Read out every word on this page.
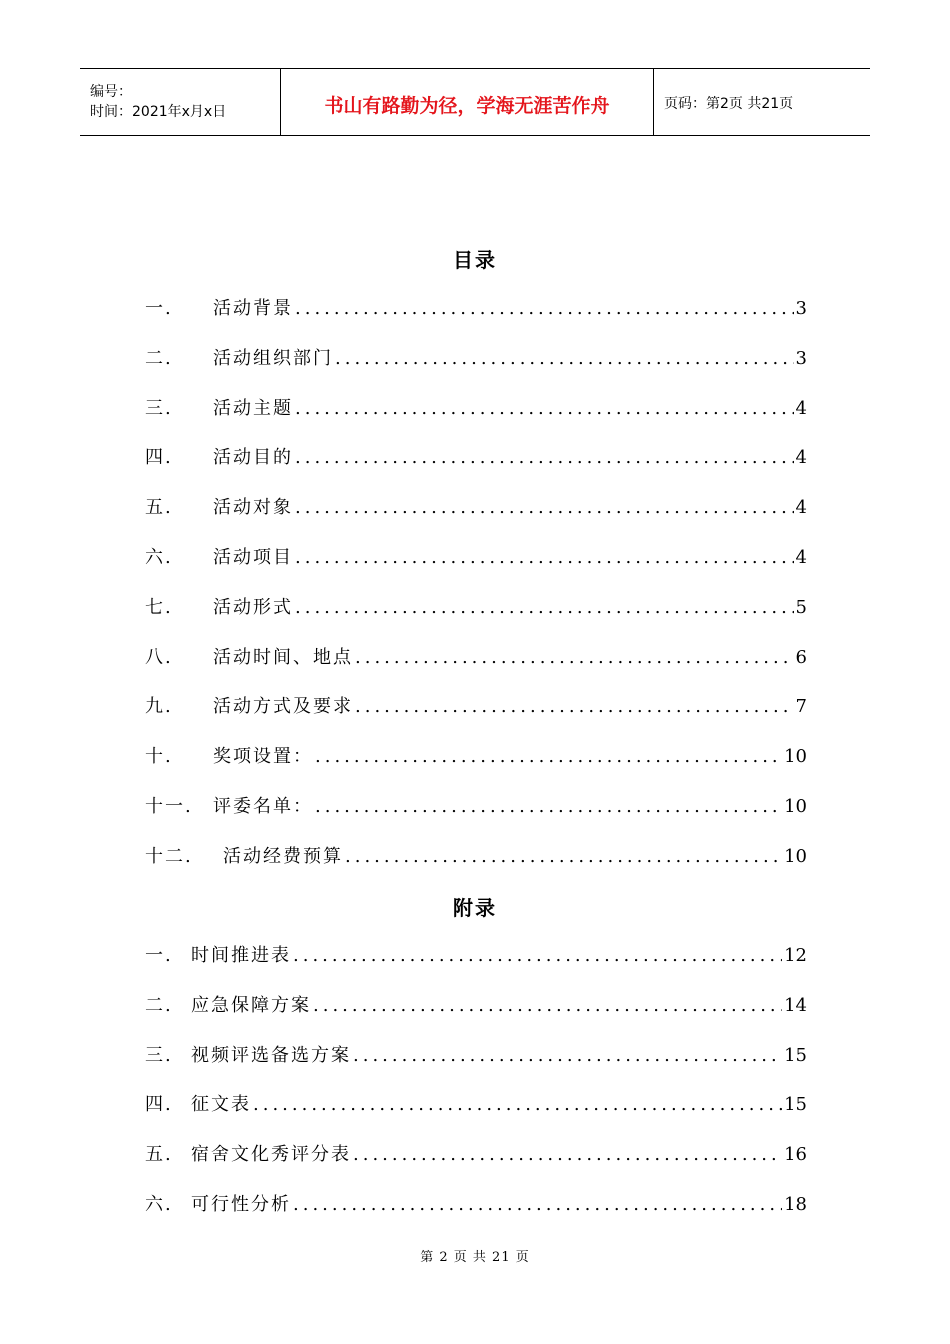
编号：
时间：2021年x月x日	书山有路勤为径，学海无涯苦作舟	页码：第2页 共21页
目录
一.	活动背景 .....	3
二.	活动组织部门 .....	3
三.	活动主题 .....	4
四.	活动目的 .....	4
五.	活动对象 .....	4
六.	活动项目 .....	4
七.	活动形式 .....	5
八.	活动时间、地点 .....	6
九.	活动方式及要求 .....	7
十.	奖项设置： .....	10
十一.	评委名单： .....	10
十二.	活动经费预算 .....	10
附录
一.	时间推进表 .....	12
二.	应急保障方案 .....	14
三.	视频评选备选方案 .....	15
四.	征文表 .....	15
五.	宿舍文化秀评分表 .....	16
六.	可行性分析 .....	18
第 2 页 共 21 页
